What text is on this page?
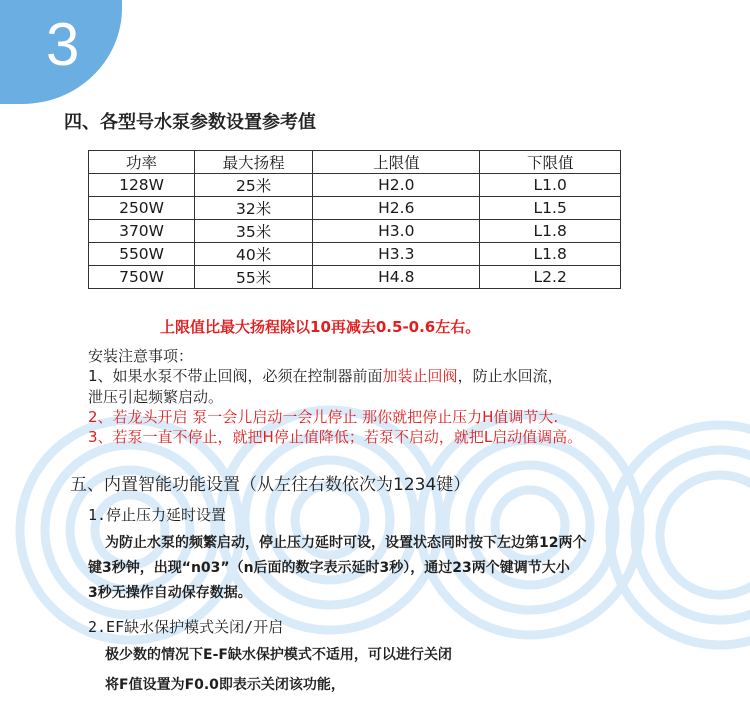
3
四、各型号水泵参数设置参考值
功率	最大扬程	上限值	下限值
128W	25米	H2.0	L1.0
250W	32米	H2.6	L1.5
370W	35米	H3.0	L1.8
550W	40米	H3.3	L1.8
750W	55米	H4.8	L2.2
上限值比最大扬程除以10再减去0.5-0.6左右。
安装注意事项：
1、如果水泵不带止回阀，必须在控制器前面加装止回阀，防止水回流，
泄压引起频繁启动。
2、若龙头开启 泵一会儿启动一会儿停止 那你就把停止压力H值调节大.
3、若泵一直不停止，就把H停止值降低；若泵不启动，就把L启动值调高。
五、内置智能功能设置（从左往右数依次为1234键）
1.停止压力延时设置
为防止水泵的频繁启动，停止压力延时可设，设置状态同时按下左边第12两个
键3秒钟，出现“n03”（n后面的数字表示延时3秒），通过23两个键调节大小
3秒无操作自动保存数据。
2.EF缺水保护模式关闭/开启
极少数的情况下E-F缺水保护模式不适用，可以进行关闭
将F值设置为F0.0即表示关闭该功能，
